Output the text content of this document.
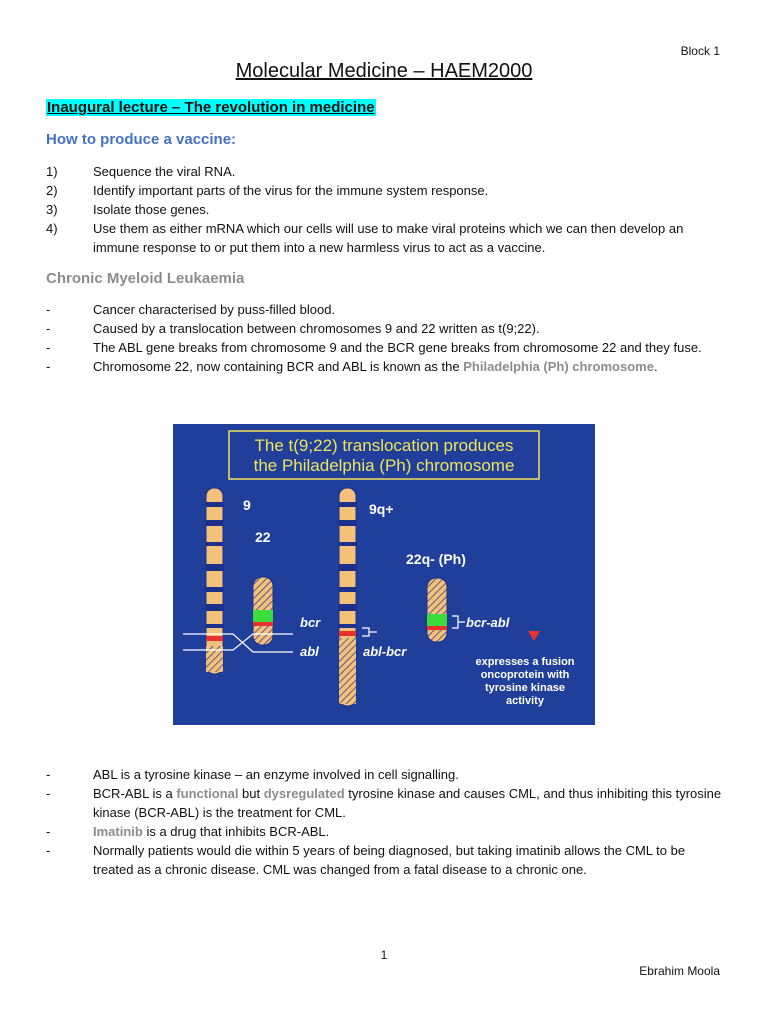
Block 1
Molecular Medicine – HAEM2000
Inaugural lecture – The revolution in medicine
How to produce a vaccine:
1)	Sequence the viral RNA.
2)	Identify important parts of the virus for the immune system response.
3)	Isolate those genes.
4)	Use them as either mRNA which our cells will use to make viral proteins which we can then develop an immune response to or put them into a new harmless virus to act as a vaccine.
Chronic Myeloid Leukaemia
-	Cancer characterised by puss-filled blood.
-	Caused by a translocation between chromosomes 9 and 22 written as t(9;22).
-	The ABL gene breaks from chromosome 9 and the BCR gene breaks from chromosome 22 and they fuse.
-	Chromosome 22, now containing BCR and ABL is known as the Philadelphia (Ph) chromosome.
The t(9;22) translocation produces
the Philadelphia (Ph) chromosome
9
22
bcr
abl
9q+
abl-bcr
22q- (Ph)
bcr-abl
expresses a fusion
oncoprotein with
tyrosine kinase
activity
-	ABL is a tyrosine kinase – an enzyme involved in cell signalling.
-	BCR-ABL is a functional but dysregulated tyrosine kinase and causes CML, and thus inhibiting this tyrosine kinase (BCR-ABL) is the treatment for CML.
-	Imatinib is a drug that inhibits BCR-ABL.
-	Normally patients would die within 5 years of being diagnosed, but taking imatinib allows the CML to be treated as a chronic disease. CML was changed from a fatal disease to a chronic one.
1
Ebrahim Moola
